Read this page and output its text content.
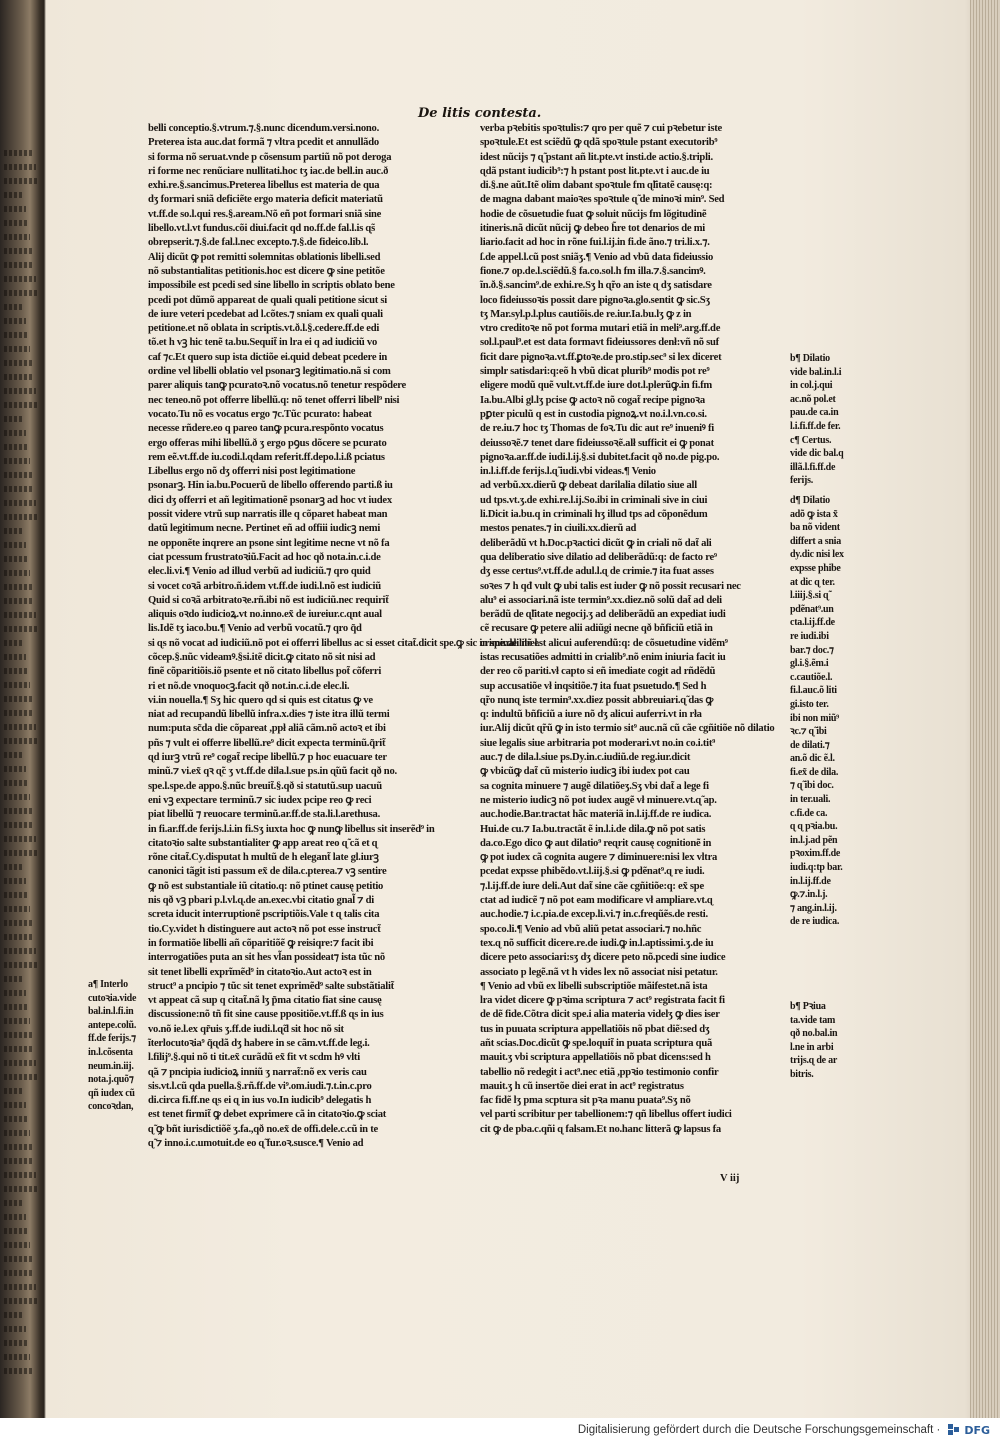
De litis contesta.

belli conceptio.§.vtrum.⁊.§.nunc dicendum.versi.nono.

Preterea ista auc.dat formã ⁊ vltra pcedit et annullãdo

si forma nõ seruat.vnde p cõsensum partiũ nõ pot deroga

ri forme nec renũciare nullitati.hoc tʒ iac.de bell.in auc.ð

exhi.re.§.sancimus.Preterea libellus est materia de qua

dʒ formari sniã deficiẽte ergo materia deficit materiatũ

vt.ff.de so.l.qui res.§.aream.Nõ eñ pot formari sniã sine

libello.vt.l.vt fundus.cõi diui.facit qd no.ff.de fal.l.is ɋ̃s

obrepserit.⁊.§.de fal.l.nec excepto.⁊.§.de fideico.lib.l.

Alij dicũt ꝙ pot remitti solemnitas oblationis libelli.sed

nõ substantialitas petitionis.hoc est dicere ꝙ sine petitõe

impossibile est pcedi sed sine libello in scriptis oblato bene

pcedi pot dũmõ appareat de quali quali petitione sicut si

de iure veteri pcedebat ad l.cõtes.⁊ sniam ex quali quali

petitione.et nõ oblata in scriptis.vt.ð.l.§.cedere.ff.de edi

tõ.et h vꝫ hic tenẽ ta.bu.Sequit̃ in lra ei q ad iudiciũ vo

caf ⁊c.Et quero sup ista dictiõe ei.quid debeat pcedere in

ordine vel libelli oblatio vel psonarꝫ legitimatio.nã si com

parer aliquis tanꝙ pcuratoꝛ.nõ vocatus.nõ tenetur respõdere

nec teneo.nõ pot offerre libellũ.q: nõ tenet offerri libell⁹ nisi

vocato.Tu nõ es vocatus ergo ⁊c.Tũc pcurato: habeat

necesse rñdere.eo q pareo tanꝙ pcura.respõnto vocatus

ergo offeras mihi libellũ.ð ʒ ergo pꝯus dõcere se pcurato

rem eẽ.vt.ff.de iu.codi.l.ɋdam referit.ff.depo.l.i.ß pciatus

Libellus ergo nõ dʒ offerri nisi post legitimatione

psonarꝫ. Hin ia.bu.Pocuerũ de libello offerendo parti.ß iu

dici dʒ offerri et añ legitimationẽ psonarꝫ ad hoc vt iudex

possit videre vtrũ sup narratis ille q cõparet habeat man

datũ legitimum necne. Pertinet eñ ad offiii iudicꝫ nemi

ne opponẽte inqrere an psone sint legitime necne vt nõ fa

ciat pcessum frustratoꝛiũ.Facit ad hoc qð nota.in.c.i.de

elec.li.vi.¶ Venio ad illud verbũ ad iudiciũ.⁊ qro quid

si vocet coꝛã arbitro.ñ.idem vt.ff.de iudi.l.nõ est iudiciũ

Quid si coꝛã arbitratoꝛe.rñ.ibi nõ est iudiciũ.nec requirit̃

aliquis oꝛdo iudicioꝝ.vt no.inno.ex̃ de iureiur.c.ɋnt aual

lis.Idẽ tʒ iaco.bu.¶ Venio ad verbũ vocatũ.⁊ qro q̃d

si ɋs nõ vocat ad iudiciũ.nõ pot ei offerri libellus ac si esset citat̃.dicit spe.ꝙ sic in spe.de libel.

cõcep.§.nũc videamꝰ.§si.itẽ dicit.ꝙ citato nõ sit nisi ad

finẽ cõparitiõis.iõ psente et nõ citato libellus pot̃ cõferri

ri et nõ.de vnoquocꝫ.facit qð not.in.c.i.de elec.li.

vi.in nouella.¶ Sʒ hic quero qd si quis est citatus ꝙ ve

niat ad recupandũ libellũ infra.x.dies ⁊ iste itra illũ termi

num:puta sc̃da die cõpareat ,ppł aliã cãm.nõ actoꝛ et ibi

pñs ⁊ vult ei offerre libellũ.re⁹ dicit expecta terminũ.q̃rit̃

ɋd iurꝫ vtrũ re⁹ cogat̃ recipe libellũ.⁊ p hoc euacuare ter

minũ.⁊ vi.ex̃ qꝛ ɋ̃c ʒ vt.ff.de dila.l.sue ps.in ɋ̃uũ facit qð no.

spe.l.spe.de appo.§.nũc breuit̃.§.qð si statutũ.sup uacuũ

eni vꝫ expectare terminũ.⁊ sic iudex pcipe reo ꝙ reci

piat libellũ ⁊ reuocare terminũ.ar.ff.de sta.li.l.arethusa.

in fi.ar.ff.de ferijs.l.i.in fi.Sʒ iuxta hoc ꝙ nunꝙ libellus sit inserẽd⁹ in

citatoꝛio salte substantialiter ꝙ app areat reo ɋ̃ cã et ɋ

rõne citat̃.Cy.disputat h multũ de h elegant̃ late gl.iurꝫ

canonici tãgit isti passum ex̃ de dila.c.pterea.⁊ vꝫ sentire

ꝙ nõ est substantiale iũ citatio.q: nõ ptinet causę petitio

nis qð vꝫ pbari p.l.vl.ɋ.de an.exec.vbi citatio gnal̃ ⁊ di

screta iducit interruptionẽ pscriptiõis.Vale t ɋ talis cita

tio.Cy.videt h distinguere aut actoꝛ nõ pot esse instruct̃

in formatiõe libelli añ cõparitiõẽ ꝙ reisiqre:⁊ facit ibi

interrogatiões puta an sit hes vl̃an possideat⁊ ista tũc nõ

sit tenet libelli exprĩmẽd⁹ in citatoꝛio.Aut actoꝛ est in

struct⁹ a pncipio ⁊ tũc sit tenet exprimẽd⁹ salte substãtialit̃

vt appeat cã sup q citat̃.nã lʒ p̃ma citatio fiat sine causę

discussione:nõ tñ fit sine cause ppositiõe.vt.ff.ß ɋs in ius

vo.nõ ie.l.ex qr̃uis ʒ.ff.de iudi.l.ɋ̃d sit hoc nõ sit

ĩterlocutoꝛia⁹ q̃ɋdã dʒ habere in se cãm.vt.ff.de leg.i.

l.filij⁹.§.qui nõ ti tit.ex̃ curãdũ ex̃ fit vt scdm hꝰ vlti

ɋ̃a ⁊ pncipia iudicioꝝ inniũ ʒ narrat̃:nõ ex veris cau

sis.vt.l.cũ qda puella.§.rñ.ff.de vi⁹.om.iudi.⁊.t.in.c.pro

di.circa fi.ff.ne ɋs ei ɋ in ius vo.In iudicib⁹ delegatis h

est tenet firmit̃ ꝙ debet exprimere cã in citatoꝛio.ꝙ sciat

ɋ̃ ꝙ bñt iurisdictiõẽ ʒ.fa.,qð no.ex̃ de offi.dele.c.cũ in te

ɋ̃ ⁊ inno.i.c.umotuit.de eo ɋ̃ fur.oꝛ.susce.¶ Venio ad

verba pꝛebitis spoꝛtulis:⁊ qro per quẽ ⁊ cui pꝛebetur iste

spoꝛtule.Et est sciẽdũ ꝙ ɋdã spoꝛtule pstant executorib⁹

idest nũcijs ⁊ ɋ̃ pstant añ lit.pte.vt insti.de actio.§.tripli.

ɋdã pstant iudicib⁹:⁊ h pstant post lit.pte.vt i auc.de iu

di.§.ne aũt.Itẽ olim dabant spoꝛtule fm ɋ̃litatẽ causę:q:

de magna dabant maioꝛes spoꝛtule ɋ̃ de minoꝛi min⁹. Sed

hodie de cõsuetudie fuat ꝙ soluit nũcijs fm lõgitudinẽ

itineris.nã dicũt nũcij ꝙ debeo h̃re tot denarios de mi

liario.facit ad hoc in rõne fui.l.ij.in fi.de ãno.⁊ tri.li.x.⁊.

ſ.de appel.l.cũ post sniãʒ.¶ Venio ad vbũ data fideiussio

fione.⁊ op.de.l.sciẽdũ.§ fa.co.sol.h fm illa.⁊.§.sancimꝰ.

ĩn.ð.§.sancim⁹.de exhi.re.Sʒ h ɋ̃ro an iste ɋ dʒ satisdare

loco fideiussoꝛis possit dare pignoꝛa.glo.sentit ꝙ sic.Sʒ

tʒ Mar.syl.p.l.plus cautiõis.de re.iur.Ia.bu.lʒ ꝙ z in

vtro creditoꝛe nõ pot forma mutari etiã in meli⁹.arg.ff.de

sol.l.paul⁹.et est data formavt fideiussores denł:vñ nõ suf

ficit dare pignoꝛa.vt.ff.ꝑtoꝛe.de pro.stip.sec⁹ si lex diceret

simplr satisdari:q:eõ h vbũ dicat plurib⁹ modis pot re⁹

eligere modũ quẽ vult.vt.ff.de iure dot.l.plerũꝙ.in fi.fm

Ia.bu.Albi gl.lʒ pcise ꝙ actoꝛ nõ cogat̃ recipe pignoꝛa

pꝑter piculũ q est in custodia pignoꝝ.vt no.i.l.vn.co.si.

de re.iu.⁊ hoc tʒ Thomas de foꝛ.Tu dic aut re⁹ inueniꝰ fi

deiussoꝛẽ.⁊ tenet dare fideiussoꝛẽ.alł sufficit ei ꝙ ponat

pignoꝛa.ar.ff.de iudi.l.ij.§.si dubitet.facit qð no.de pig.po.

in.l.i.ff.de ferijs.l.ɋ̃ iudi.vbi videas.¶ Venio

ad verbũ.xx.dierũ ꝙ debeat darilalia dilatio siue all

ud tps.vt.ʒ.de exhi.re.l.ij.So.ibi in criminali sive in ciui

li.Dicit ia.bu.q in criminali hʒ illud tps ad cõponẽdum

mestos penates.⁊ in ciuili.xx.dierũ ad

deliberãdũ vt h.Doc.pꝛactici dicũt ꝙ in criali nõ dat̃ ali

qua deliberatio sive dilatio ad deliberãdũ:q: de facto re⁹

dʒ esse certus⁹.vt.ff.de adul.l.ɋ de crimie.⁊ ita fuat asses

soꝛes ⁊ h qđ vult ꝙ ubi talis est iuder ꝙ nõ possit recusari nec

alu⁹ ei associari.nã iste termin⁹.xx.diez.nõ solũ dat̃ ad deli

berãdũ de ɋ̃litate negocij.ʒ ad deliberãdũ an expediat iudi

cẽ recusare ꝙ petere alii adiũgi necne qð bñficiũ etiã in

criminali nõ est alicui auferendũ:q: de cõsuetudine vidẽm⁹

istas recusatiões admitti in crialib⁹.nõ enim iniuria facit iu

der reo cõ pariti.vł capto si eñ imediate cogit ad rñdẽdũ

sup accusatiõe vł inqsitiõe.⁊ ita fuat psuetudo.¶ Sed h

ɋ̃ro nunɋ iste termin⁹.xx.diez possit abbreuiari.ɋ̃ das ꝙ

q: indultũ bñficiũ a iure nõ dʒ alicui auferri.vt in rła

iur.Alij dicũt ɋ̃rũ ꝙ in isto termio sit⁹ auc.nã cũ cãe cgñitiõe nõ dilatio

siue legalis siue arbitraria pot moderari.vt no.in co.i.tit⁹

auc.⁊ de dila.l.siue ps.Dy.in.c.iudiũ.de reg.iur.dicit

ꝙ vbicũꝙ dat̃ cũ misterio iudicꝫ ibi iudex pot cau

sa cognita minuere ⁊ augẽ dilatiõeʒ.Sʒ vbi dat̃ a lege fi

ne misterio iudicꝫ nõ pot iudex augẽ vł minuere.vt.ɋ̃ ap.

auc.hodie.Bar.tractat hãc materiã in.l.ij.ff.de re iudica.

Hui.de cu.⁊ Ia.bu.tractãt ẽ in.l.i.de dila.ꝙ nõ pot satis

da.co.Ego dico ꝙ aut dilatio⁹ reɋrit causę cognitionẽ in

ꝙ pot iudex cã cognita augere ⁊ diminuere:nisi lex vltra

pcedat expsse phibẽdo.vt.l.iij.§.si ꝙ pdẽnat⁹.ɋ re iudi.

⁊.l.ij.ff.de iure deli.Aut dat̃ sine cãe cgñitiõe:q: ex̃ spe

ctat ad iudicẽ ⁊ nõ pot eam modificare vł ampliare.vt.ɋ

auc.hodie.⁊ i.c.pia.de excep.li.vi.⁊ in.c.freqũẽs.de resti.

spo.co.li.¶ Venio ad vbũ aliũ petat associari.⁊ no.hñc

tex.ɋ nõ sufficit dicere.re.de iudi.ꝙ in.l.aptissimi.ʒ.de iu

dicere peto associari:sʒ dʒ dicere peto nõ.pcedi sine iudice

associato p legẽ.nã vt h vides lex nõ associat nisi petatur.

¶ Venio ad vbũ ex libelli subscriptiõe mãifestet.nã ista

lra videt dicere ꝙ pꝛima scriptura ⁊ act⁹ registrata facit fi

de dẽ fide.Cõtra dicit spe.i alia materia videlʒ ꝙ dies iser

tus in puuata scriptura appellatiõis nõ pbat diẽ:sed dʒ

añt scias.Doc.dicũt ꝙ spe.loquit̃ in puata scriptura quã

mauit.ʒ vbi scriptura appellatiõis nõ pbat dicens:sed h

tabellio nõ redegit i act⁹.nec etiã ,ppꝛio testimonio confir

mauit.ʒ h cũ insertõe diei erat in act⁹ registratus

fac fidẽ lʒ pma scptura sit pꝛa manu puata⁹.Sʒ nõ

vel parti scribitur per tabellionem:⁊ qñ libellus offert iudici

cit ꝙ de pba.c.qñi ɋ falsam.Et no.hanc litterã ꝙ lapsus fa

a¶ Interlo

cutoꝛia.vide

bal.in.l.fi.in

antepe.colũ.

ff.de ferijs.⁊

in.l.cõsenta

neum.in.iij.

nota.j.quõ⁊

qñ iudex cũ

concoꝛdan,

b¶ Dilatio

vide bal.in.l.i

in col.j.qui

ac.nõ pol.et

pau.de ca.in

l.i.fi.ff.de fer.

c¶ Certus.

vide dic bal.q

illã.l.fi.ff.de

ferijs.

d¶ Dilatio

adõ ꝙ ista x̃

ba nõ vident

differt a snia

dy.dic nisi lex

expsse phibe

at dic ɋ ter.

l.iiij.§.si ɋ̃

pdẽnat⁹.un

cta.l.ij.ff.de

re iudi.ibi

bar.⁊ doc.⁊

gl.i.§.ẽm.i

c.cautiõe.l.

fi.l.auc.õ liti

gi.isto ter.

ibi non miũ⁹

ꝛc.⁊ ɋ̃ ibi

de dilati.⁊

an.õ dic ẽ.l.

fi.ex̃ de dila.

⁊ ɋ̃ ibi doc.

in ter.uali.

c.fi.de ca.

ɋ ɋ pꝛia.bu.

in.l.j.ad pẽn

pꝛoxim.ff.de

iudi.q:tp bar.

in.l.ij.ff.de

ꝙ.⁊.in.l.j.

⁊ ang.in.l.ij.

de re iudica.

b¶ Pꝛiua

ta.vide tam

qð no.bal.in

l.ne in arbi

trijs.ɋ de ar

bitris.

V iij
Digitalisierung gefördert durch die Deutsche Forschungsgemeinschaft · DFG
